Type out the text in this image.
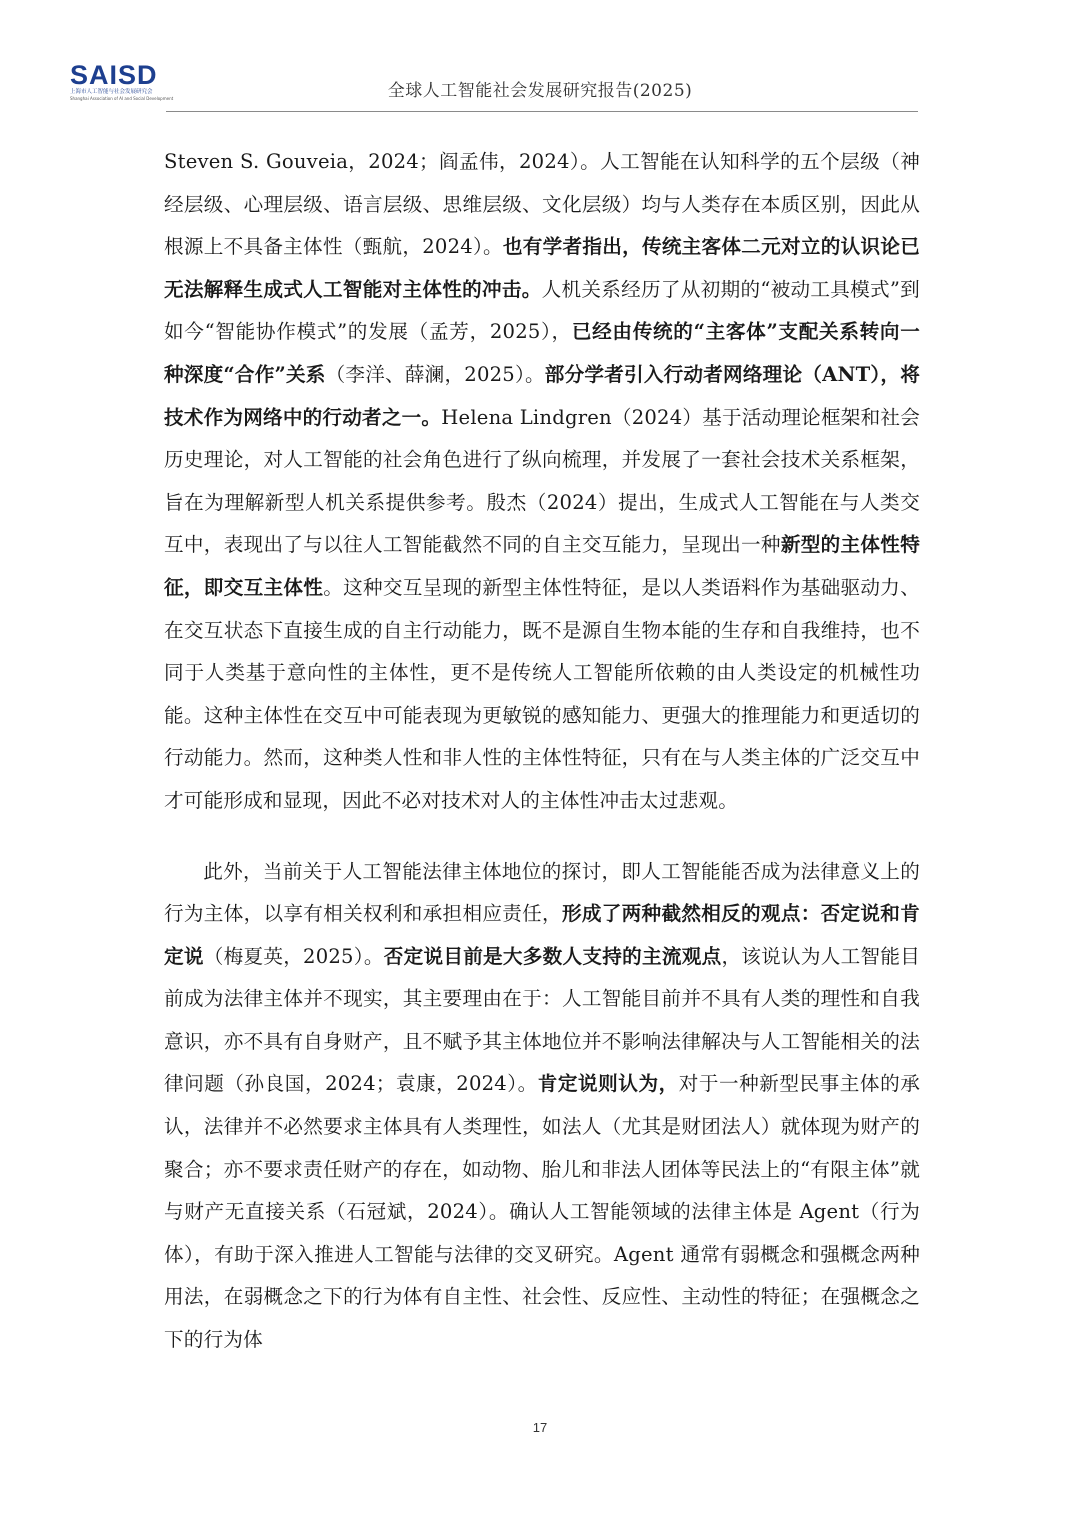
SAISD
上海市人工智能与社会发展研究会
Shanghai Association of AI and Social Development	全球人工智能社会发展研究报告(2025)

Steven S. Gouveia，2024；阎孟伟，2024）。人工智能在认知科学的五个层级（神经层级、心理层级、语言层级、思维层级、文化层级）均与人类存在本质区别，因此从根源上不具备主体性（甄航，2024）。也有学者指出，传统主客体二元对立的认识论已无法解释生成式人工智能对主体性的冲击。人机关系经历了从初期的“被动工具模式”到如今“智能协作模式”的发展（孟芳，2025），已经由传统的“主客体”支配关系转向一种深度“合作”关系（李洋、薛澜，2025）。部分学者引入行动者网络理论（ANT），将技术作为网络中的行动者之一。Helena Lindgren（2024）基于活动理论框架和社会历史理论，对人工智能的社会角色进行了纵向梳理，并发展了一套社会技术关系框架，旨在为理解新型人机关系提供参考。殷杰（2024）提出，生成式人工智能在与人类交互中，表现出了与以往人工智能截然不同的自主交互能力，呈现出一种新型的主体性特征，即交互主体性。这种交互呈现的新型主体性特征，是以人类语料作为基础驱动力、在交互状态下直接生成的自主行动能力，既不是源自生物本能的生存和自我维持，也不同于人类基于意向性的主体性，更不是传统人工智能所依赖的由人类设定的机械性功能。这种主体性在交互中可能表现为更敏锐的感知能力、更强大的推理能力和更适切的行动能力。然而，这种类人性和非人性的主体性特征，只有在与人类主体的广泛交互中才可能形成和显现，因此不必对技术对人的主体性冲击太过悲观。

此外，当前关于人工智能法律主体地位的探讨，即人工智能能否成为法律意义上的行为主体，以享有相关权利和承担相应责任，形成了两种截然相反的观点：否定说和肯定说（梅夏英，2025）。否定说目前是大多数人支持的主流观点，该说认为人工智能目前成为法律主体并不现实，其主要理由在于：人工智能目前并不具有人类的理性和自我意识，亦不具有自身财产，且不赋予其主体地位并不影响法律解决与人工智能相关的法律问题（孙良国，2024；袁康，2024）。肯定说则认为，对于一种新型民事主体的承认，法律并不必然要求主体具有人类理性，如法人（尤其是财团法人）就体现为财产的聚合；亦不要求责任财产的存在，如动物、胎儿和非法人团体等民法上的“有限主体”就与财产无直接关系（石冠斌，2024）。确认人工智能领域的法律主体是 Agent（行为体），有助于深入推进人工智能与法律的交叉研究。Agent 通常有弱概念和强概念两种用法，在弱概念之下的行为体有自主性、社会性、反应性、主动性的特征；在强概念之下的行为体

17
